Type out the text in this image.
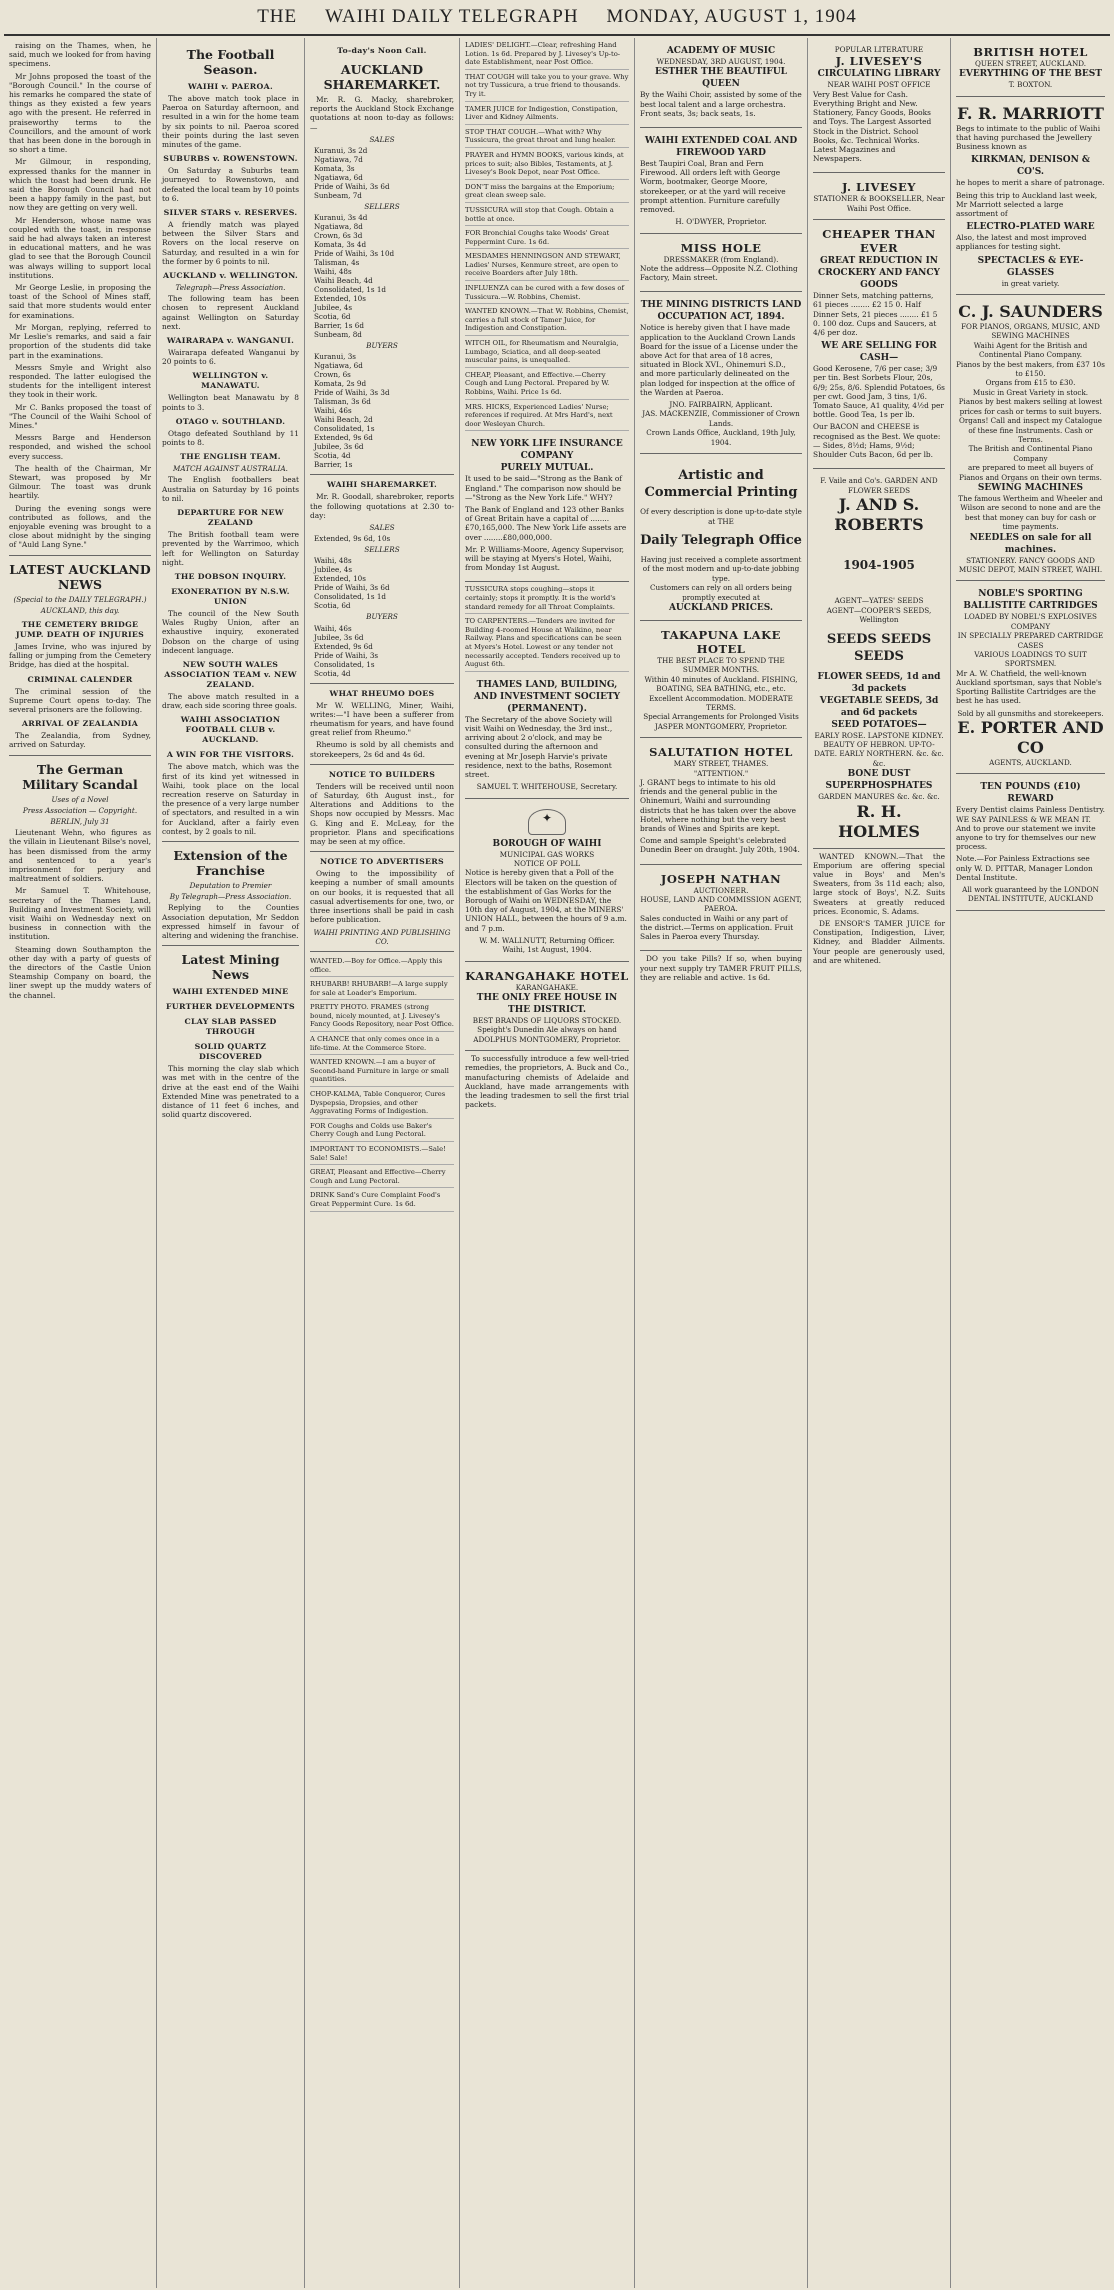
THE WAIHI DAILY TELEGRAPH MONDAY, AUGUST 1, 1904

raising on the Thames, when, he said, much we looked for from having specimens.

Mr Johns proposed the toast of the "Borough Council." In the course of his remarks he compared the state of things as they existed a few years ago with the present. He referred in praiseworthy terms to the Councillors, and the amount of work that has been done in the borough in so short a time.

Mr Gilmour, in responding, expressed thanks for the manner in which the toast had been drunk. He said the Borough Council had not been a happy family in the past, but now they are getting on very well.

Mr Henderson, whose name was coupled with the toast, in response said he had always taken an interest in educational matters, and he was glad to see that the Borough Council was always willing to support local institutions.

Mr George Leslie, in proposing the toast of the School of Mines staff, said that more students would enter for examinations.

Mr Morgan, replying, referred to Mr Leslie's remarks, and said a fair proportion of the students did take part in the examinations.

Messrs Smyle and Wright also responded. The latter eulogised the students for the intelligent interest they took in their work.

Mr C. Banks proposed the toast of "The Council of the Waihi School of Mines."

Messrs Barge and Henderson responded, and wished the school every success.

The health of the Chairman, Mr Stewart, was proposed by Mr Gilmour. The toast was drunk heartily.

During the evening songs were contributed as follows, and the enjoyable evening was brought to a close about midnight by the singing of "Auld Lang Syne."

LATEST AUCKLAND NEWS
(Special to the DAILY TELEGRAPH.)
AUCKLAND, this day.
THE CEMETERY BRIDGE JUMP. DEATH OF INJURIES

James Irvine, who was injured by falling or jumping from the Cemetery Bridge, has died at the hospital.

CRIMINAL CALENDER

The criminal session of the Supreme Court opens to-day. The several prisoners are the following.

ARRIVAL OF ZEALANDIA

The Zealandia, from Sydney, arrived on Saturday.

The German Military Scandal
Uses of a Novel
Press Association — Copyright.
BERLIN, July 31

Lieutenant Wehn, who figures as the villain in Lieutenant Bilse's novel, has been dismissed from the army and sentenced to a year's imprisonment for perjury and maltreatment of soldiers.

Mr Samuel T. Whitehouse, secretary of the Thames Land, Building and Investment Society, will visit Waihi on Wednesday next on business in connection with the institution.

Steaming down Southampton the other day with a party of guests of the directors of the Castle Union Steamship Company on board, the liner swept up the muddy waters of the channel.

The Football Season.
WAIHI v. PAEROA.

The above match took place in Paeroa on Saturday afternoon, and resulted in a win for the home team by six points to nil. Paeroa scored their points during the last seven minutes of the game.

SUBURBS v. ROWENSTOWN.

On Saturday a Suburbs team journeyed to Rowenstown, and defeated the local team by 10 points to 6.

SILVER STARS v. RESERVES.

A friendly match was played between the Silver Stars and Rovers on the local reserve on Saturday, and resulted in a win for the former by 6 points to nil.

AUCKLAND v. WELLINGTON.
Telegraph—Press Association.

The following team has been chosen to represent Auckland against Wellington on Saturday next.

WAIRARAPA v. WANGANUI.

Wairarapa defeated Wanganui by 20 points to 6.

WELLINGTON v. MANAWATU.

Wellington beat Manawatu by 8 points to 3.

OTAGO v. SOUTHLAND.

Otago defeated Southland by 11 points to 8.

THE ENGLISH TEAM.
MATCH AGAINST AUSTRALIA.

The English footballers beat Australia on Saturday by 16 points to nil.

DEPARTURE FOR NEW ZEALAND

The British football team were prevented by the Warrimoo, which left for Wellington on Saturday night.

THE DOBSON INQUIRY.
EXONERATION BY N.S.W. UNION

The council of the New South Wales Rugby Union, after an exhaustive inquiry, exonerated Dobson on the charge of using indecent language.

NEW SOUTH WALES ASSOCIATION TEAM v. NEW ZEALAND.

The above match resulted in a draw, each side scoring three goals.

WAIHI ASSOCIATION FOOTBALL CLUB v. AUCKLAND.
A WIN FOR THE VISITORS.

The above match, which was the first of its kind yet witnessed in Waihi, took place on the local recreation reserve on Saturday in the presence of a very large number of spectators, and resulted in a win for Auckland, after a fairly even contest, by 2 goals to nil.

Extension of the Franchise
Deputation to Premier
By Telegraph—Press Association.

Replying to the Counties Association deputation, Mr Seddon expressed himself in favour of altering and widening the franchise.

Latest Mining News
WAIHI EXTENDED MINE
FURTHER DEVELOPMENTS
CLAY SLAB PASSED THROUGH
SOLID QUARTZ DISCOVERED

This morning the clay slab which was met with in the centre of the drive at the east end of the Waihi Extended Mine was penetrated to a distance of 11 feet 6 inches, and solid quartz discovered.

To-day's Noon Call.
AUCKLAND SHAREMARKET.

Mr. R. G. Macky, sharebroker, reports the Auckland Stock Exchange quotations at noon to-day as follows:—

SALES
Kuranui, 3s 2d
Ngatiawa, 7d
Komata, 3s
Ngatiawa, 6d
Pride of Waihi, 3s 6d
Sunbeam, 7d
SELLERS
Kuranui, 3s 4d
Ngatiawa, 8d
Crown, 6s 3d
Komata, 3s 4d
Pride of Waihi, 3s 10d
Talisman, 4s
Waihi, 48s
Waihi Beach, 4d
Consolidated, 1s 1d
Extended, 10s
Jubilee, 4s
Scotia, 6d
Barrier, 1s 6d
Sunbeam, 8d
BUYERS
Kuranui, 3s
Ngatiawa, 6d
Crown, 6s
Komata, 2s 9d
Pride of Waihi, 3s 3d
Talisman, 3s 6d
Waihi, 46s
Waihi Beach, 2d
Consolidated, 1s
Extended, 9s 6d
Jubilee, 3s 6d
Scotia, 4d
Barrier, 1s
WAIHI SHAREMARKET.

Mr. R. Goodall, sharebroker, reports the following quotations at 2.30 to-day:

SALES
Extended, 9s 6d, 10s
SELLERS
Waihi, 48s
Jubilee, 4s
Extended, 10s
Pride of Waihi, 3s 6d
Consolidated, 1s 1d
Scotia, 6d
BUYERS
Waihi, 46s
Jubilee, 3s 6d
Extended, 9s 6d
Pride of Waihi, 3s
Consolidated, 1s
Scotia, 4d
WHAT RHEUMO DOES

Mr W. WELLING, Miner, Waihi, writes:—"I have been a sufferer from rheumatism for years, and have found great relief from Rheumo."

Rheumo is sold by all chemists and storekeepers, 2s 6d and 4s 6d.

NOTICE TO BUILDERS

Tenders will be received until noon of Saturday, 6th August inst., for Alterations and Additions to the Shops now occupied by Messrs. Mac G. King and E. McLeay, for the proprietor. Plans and specifications may be seen at my office.

NOTICE TO ADVERTISERS

Owing to the impossibility of keeping a number of small amounts on our books, it is requested that all casual advertisements for one, two, or three insertions shall be paid in cash before publication.

WAIHI PRINTING AND PUBLISHING CO.
WANTED.—Boy for Office.—Apply this office.
RHUBARB! RHUBARB!—A large supply for sale at Loader's Emporium.
PRETTY PHOTO. FRAMES (strong bound, nicely mounted, at J. Livesey's Fancy Goods Repository, near Post Office.
A CHANCE that only comes once in a life-time. At the Commerce Store.
WANTED KNOWN.—I am a buyer of Second-hand Furniture in large or small quantities.
CHOP-KALMA, Table Conqueror, Cures Dyspepsia, Dropsies, and other Aggravating Forms of Indigestion.
FOR Coughs and Colds use Baker's Cherry Cough and Lung Pectoral.
IMPORTANT TO ECONOMISTS.—Sale! Sale! Sale!
GREAT, Pleasant and Effective—Cherry Cough and Lung Pectoral.
DRINK Sand's Cure Complaint Food's Great Peppermint Cure. 1s 6d.
LADIES' DELIGHT.—Clear, refreshing Hand Lotion. 1s 6d. Prepared by J. Livesey's Up-to-date Establishment, near Post Office.
THAT COUGH will take you to your grave. Why not try Tussicura, a true friend to thousands. Try it.
TAMER JUICE for Indigestion, Constipation, Liver and Kidney Ailments.
STOP THAT COUGH.—What with? Why Tussicura, the great throat and lung healer.
PRAYER and HYMN BOOKS, various kinds, at prices to suit; also Bibles, Testaments, at J. Livesey's Book Depot, near Post Office.
DON'T miss the bargains at the Emporium; great clean sweep sale.
TUSSICURA will stop that Cough. Obtain a bottle at once.
FOR Bronchial Coughs take Woods' Great Peppermint Cure. 1s 6d.
MESDAMES HENNINGSON AND STEWART, Ladies' Nurses, Kenmure street, are open to receive Boarders after July 18th.
INFLUENZA can be cured with a few doses of Tussicura.—W. Robbins, Chemist.
WANTED KNOWN.—That W. Robbins, Chemist, carries a full stock of Tamer Juice, for Indigestion and Constipation.
WITCH OIL, for Rheumatism and Neuralgia, Lumbago, Sciatica, and all deep-seated muscular pains, is unequalled.
CHEAP, Pleasant, and Effective.—Cherry Cough and Lung Pectoral. Prepared by W. Robbins, Waihi. Price 1s 6d.
MRS. HICKS, Experienced Ladies' Nurse; references if required. At Mrs Hard's, next door Wesleyan Church.
NEW YORK LIFE INSURANCE COMPANY
PURELY MUTUAL.

It used to be said—"Strong as the Bank of England." The comparison now should be—"Strong as the New York Life." WHY?

The Bank of England and 123 other Banks of Great Britain have a capital of ........£70,165,000. The New York Life assets are over ........£80,000,000.

Mr. P. Williams-Moore, Agency Supervisor, will be staying at Myers's Hotel, Waihi, from Monday 1st August.

TUSSICURA stops coughing—stops it certainly; stops it promptly. It is the world's standard remedy for all Throat Complaints.
TO CARPENTERS.—Tenders are invited for Building 4-roomed House at Waikino, near Railway. Plans and specifications can be seen at Myers's Hotel. Lowest or any tender not necessarily accepted. Tenders received up to August 6th.
THAMES LAND, BUILDING, AND INVESTMENT SOCIETY (PERMANENT).

The Secretary of the above Society will visit Waihi on Wednesday, the 3rd inst., arriving about 2 o'clock, and may be consulted during the afternoon and evening at Mr Joseph Harvie's private residence, next to the baths, Rosemont street.

SAMUEL T. WHITEHOUSE, Secretary.
✦
BOROUGH OF WAIHI
MUNICIPAL GAS WORKS
NOTICE OF POLL

Notice is hereby given that a Poll of the Electors will be taken on the question of the establishment of Gas Works for the Borough of Waihi on WEDNESDAY, the 10th day of August, 1904, at the MINERS' UNION HALL, between the hours of 9 a.m. and 7 p.m.

W. M. WALLNUTT, Returning Officer.
Waihi, 1st August, 1904.
KARANGAHAKE HOTEL
KARANGAHAKE.
THE ONLY FREE HOUSE IN THE DISTRICT.
BEST BRANDS OF LIQUORS STOCKED.
Speight's Dunedin Ale always on hand
ADOLPHUS MONTGOMERY, Proprietor.

To successfully introduce a few well-tried remedies, the proprietors, A. Buck and Co., manufacturing chemists of Adelaide and Auckland, have made arrangements with the leading tradesmen to sell the first trial packets.

ACADEMY OF MUSIC
WEDNESDAY, 3RD AUGUST, 1904.
ESTHER THE BEAUTIFUL QUEEN

By the Waihi Choir, assisted by some of the best local talent and a large orchestra. Front seats, 3s; back seats, 1s.

WAIHI EXTENDED COAL AND FIREWOOD YARD

Best Taupiri Coal, Bran and Fern Firewood. All orders left with George Worm, bootmaker, George Moore, storekeeper, or at the yard will receive prompt attention. Furniture carefully removed.

H. O'DWYER, Proprietor.
MISS HOLE
DRESSMAKER (from England).

Note the address—Opposite N.Z. Clothing Factory, Main street.

THE MINING DISTRICTS LAND OCCUPATION ACT, 1894.

Notice is hereby given that I have made application to the Auckland Crown Lands Board for the issue of a License under the above Act for that area of 18 acres, situated in Block XVI., Ohinemuri S.D., and more particularly delineated on the plan lodged for inspection at the office of the Warden at Paeroa.

JNO. FAIRBAIRN, Applicant.
JAS. MACKENZIE, Commissioner of Crown Lands.
Crown Lands Office, Auckland, 19th July, 1904.
Artistic and Commercial Printing
Of every description is done up-to-date style at THE
Daily Telegraph Office
Having just received a complete assortment of the most modern and up-to-date jobbing type.
Customers can rely on all orders being promptly executed at
AUCKLAND PRICES.
TAKAPUNA LAKE HOTEL
THE BEST PLACE TO SPEND THE SUMMER MONTHS.
Within 40 minutes of Auckland. FISHING, BOATING, SEA BATHING, etc., etc. Excellent Accommodation. MODERATE TERMS.
Special Arrangements for Prolonged Visits
JASPER MONTGOMERY, Proprietor.
SALUTATION HOTEL
MARY STREET, THAMES.
"ATTENTION."

J. GRANT begs to intimate to his old friends and the general public in the Ohinemuri, Waihi and surrounding districts that he has taken over the above Hotel, where nothing but the very best brands of Wines and Spirits are kept.

Come and sample Speight's celebrated Dunedin Beer on draught. July 20th, 1904.

JOSEPH NATHAN
AUCTIONEER.
HOUSE, LAND AND COMMISSION AGENT, PAEROA.

Sales conducted in Waihi or any part of the district.—Terms on application. Fruit Sales in Paeroa every Thursday.

DO you take Pills? If so, when buying your next supply try TAMER FRUIT PILLS, they are reliable and active. 1s 6d.

POPULAR LITERATURE
J. LIVESEY'S
CIRCULATING LIBRARY
NEAR WAIHI POST OFFICE

Very Best Value for Cash. Everything Bright and New. Stationery, Fancy Goods, Books and Toys. The Largest Assorted Stock in the District. School Books, &c. Technical Works. Latest Magazines and Newspapers.

J. LIVESEY
STATIONER & BOOKSELLER, Near Waihi Post Office.
CHEAPER THAN EVER
GREAT REDUCTION IN CROCKERY AND FANCY GOODS

Dinner Sets, matching patterns, 61 pieces ........ £2 15 0. Half Dinner Sets, 21 pieces ........ £1 5 0. 100 doz. Cups and Saucers, at 4/6 per doz.

WE ARE SELLING FOR CASH—

Good Kerosene, 7/6 per case; 3/9 per tin. Best Sorbets Flour, 20s, 6/9; 25s, 8/6. Splendid Potatoes, 6s per cwt. Good Jam, 3 tins, 1/6. Tomato Sauce, A1 quality, 4½d per bottle. Good Tea, 1s per lb.

Our BACON and CHEESE is recognised as the Best. We quote:— Sides, 8½d; Hams, 9½d; Shoulder Cuts Bacon, 6d per lb.

F. Vaile and Co's. GARDEN AND FLOWER SEEDS
J. AND S. ROBERTS
1904-1905
AGENT—YATES' SEEDS
AGENT—COOPER'S SEEDS, Wellington
SEEDS SEEDS SEEDS
FLOWER SEEDS, 1d and 3d packets
VEGETABLE SEEDS, 3d and 6d packets
SEED POTATOES—
EARLY ROSE. LAPSTONE KIDNEY. BEAUTY OF HEBRON. UP-TO-DATE. EARLY NORTHERN. &c. &c. &c.
BONE DUST
SUPERPHOSPHATES
GARDEN MANURES &c. &c. &c.
R. H. HOLMES

WANTED KNOWN.—That the Emporium are offering special value in Boys' and Men's Sweaters, from 3s 11d each; also, large stock of Boys', N.Z. Suits Sweaters at greatly reduced prices. Economic, S. Adams.

DE ENSOR'S TAMER JUICE for Constipation, Indigestion, Liver, Kidney, and Bladder Ailments. Your people are generously used, and are whitened.

BRITISH HOTEL
QUEEN STREET, AUCKLAND.
EVERYTHING OF THE BEST
T. BOXTON.
F. R. MARRIOTT

Begs to intimate to the public of Waihi that having purchased the Jewellery Business known as

KIRKMAN, DENISON & CO'S.

he hopes to merit a share of patronage.

Being this trip to Auckland last week, Mr Marriott selected a large assortment of

ELECTRO-PLATED WARE

Also, the latest and most improved appliances for testing sight.

SPECTACLES & EYE-GLASSES
in great variety.
C. J. SAUNDERS
FOR PIANOS, ORGANS, MUSIC, AND SEWING MACHINES
Waihi Agent for the British and Continental Piano Company.
Pianos by the best makers, from £37 10s to £150.
Organs from £15 to £30.
Music in Great Variety in stock.
Pianos by best makers selling at lowest prices for cash or terms to suit buyers.
Organs! Call and inspect my Catalogue of these fine Instruments. Cash or Terms.
The British and Continental Piano Company
are prepared to meet all buyers of Pianos and Organs on their own terms.
SEWING MACHINES
The famous Wertheim and Wheeler and Wilson are second to none and are the best that money can buy for cash or time payments.
NEEDLES on sale for all machines.
STATIONERY. FANCY GOODS AND MUSIC DEPOT, MAIN STREET, WAIHI.
NOBLE'S SPORTING BALLISTITE CARTRIDGES
LOADED BY NOBEL'S EXPLOSIVES COMPANY
IN SPECIALLY PREPARED CARTRIDGE CASES
VARIOUS LOADINGS TO SUIT SPORTSMEN.

Mr A. W. Chatfield, the well-known Auckland sportsman, says that Noble's Sporting Ballistite Cartridges are the best he has used.

Sold by all gunsmiths and storekeepers.
E. PORTER AND CO
AGENTS, AUCKLAND.
TEN POUNDS (£10) REWARD

Every Dentist claims Painless Dentistry. WE SAY PAINLESS & WE MEAN IT. And to prove our statement we invite anyone to try for themselves our new process.

Note.—For Painless Extractions see only W. D. PITTAR, Manager London Dental Institute.

All work guaranteed by the LONDON DENTAL INSTITUTE, AUCKLAND
